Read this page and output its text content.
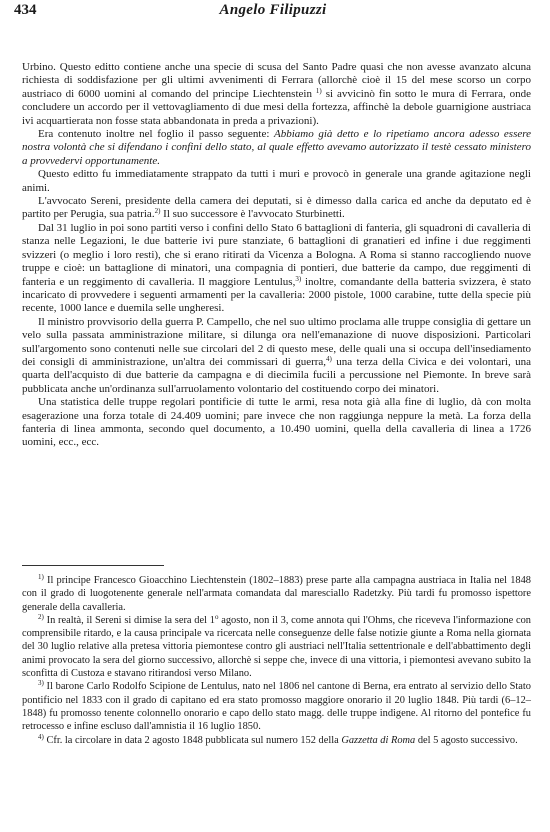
434	Angelo Filipuzzi

Urbino. Questo editto contiene anche una specie di scusa del Santo Padre quasi che non avesse avanzato alcuna richiesta di soddisfazione per gli ultimi avvenimenti di Ferrara (allorchè cioè il 15 del mese scorso un corpo austriaco di 6000 uomini al comando del principe Liechtenstein $^{1)}$ si avvicinò fin sotto le mura di Ferrara, onde concludere un accordo per il vettovagliamento di due mesi della fortezza, affinchè la debole guarnigione austriaca ivi acquartierata non fosse stata abbandonata in preda a privazioni).

Era contenuto inoltre nel foglio il passo seguente: Abbiamo già detto e lo ripetiamo ancora adesso essere nostra volontà che si difendano i confini dello stato, al quale effetto avevamo autorizzato il testè cessato ministero a provvedervi opportunamente.

Questo editto fu immediatamente strappato da tutti i muri e provocò in generale una grande agitazione negli animi.

L'avvocato Sereni, presidente della camera dei deputati, si è dimesso dalla carica ed anche da deputato ed è partito per Perugia, sua patria.$^{2)}$ Il suo successore è l'avvocato Sturbinetti.

Dal 31 luglio in poi sono partiti verso i confini dello Stato 6 battaglioni di fanteria, gli squadroni di cavalleria di stanza nelle Legazioni, le due batterie ivi pure stanziate, 6 battaglioni di granatieri ed infine i due reggimenti svizzeri (o meglio i loro resti), che si erano ritirati da Vicenza a Bologna. A Roma si stanno raccogliendo nuove truppe e cioè: un battaglione di minatori, una compagnia di pontieri, due batterie da campo, due reggimenti di fanteria e un reggimento di cavalleria. Il maggiore Lentulus,$^{3)}$ inoltre, comandante della batteria svizzera, è stato incaricato di provvedere i seguenti armamenti per la cavalleria: 2000 pistole, 1000 carabine, tutte della specie più recente, 1000 lance e duemila selle ungheresi.

Il ministro provvisorio della guerra P. Campello, che nel suo ultimo proclama alle truppe consiglia di gettare un velo sulla passata amministrazione militare, si dilunga ora nell'emanazione di nuove disposizioni. Particolari sull'argomento sono contenuti nelle sue circolari del 2 di questo mese, delle quali una si occupa dell'insediamento dei consigli di amministrazione, un'altra dei commissari di guerra,$^{4)}$ una terza della Civica e dei volontari, una quarta dell'acquisto di due batterie da campagna e di diecimila fucili a percussione nel Piemonte. In breve sarà pubblicata anche un'ordinanza sull'arruolamento volontario del costituendo corpo dei minatori.

Una statistica delle truppe regolari pontificie di tutte le armi, resa nota già alla fine di luglio, dà con molta esagerazione una forza totale di 24.409 uomini; pare invece che non raggiunga neppure la metà. La forza della fanteria di linea ammonta, secondo quel documento, a 10.490 uomini, quella della cavalleria di linea a 1726 uomini, ecc., ecc.

$^{1)}$ Il principe Francesco Gioacchino Liechtenstein (1802–1883) prese parte alla campagna austriaca in Italia nel 1848 con il grado di luogotenente generale nell'armata comandata dal maresciallo Radetzky. Più tardi fu promosso ispettore generale della cavalleria.

$^{2)}$ In realtà, il Sereni si dimise la sera del 1$^o$ agosto, non il 3, come annota qui l'Ohms, che riceveva l'informazione con comprensibile ritardo, e la causa principale va ricercata nelle conseguenze delle false notizie giunte a Roma nella giornata del 30 luglio relative alla pretesa vittoria piemontese contro gli austriaci nell'Italia settentrionale e dell'abbattimento degli animi provocato la sera del giorno successivo, allorchè si seppe che, invece di una vittoria, i piemontesi avevano subito la sconfitta di Custoza e stavano ritirandosi verso Milano.

$^{3)}$ Il barone Carlo Rodolfo Scipione de Lentulus, nato nel 1806 nel cantone di Berna, era entrato al servizio dello Stato pontificio nel 1833 con il grado di capitano ed era stato promosso maggiore onorario il 20 luglio 1848. Più tardi (6–12–1848) fu promosso tenente colonnello onorario e capo dello stato magg. delle truppe indigene. Al ritorno del pontefice fu retrocesso e infine escluso dall'amnistia il 16 luglio 1850.

$^{4)}$ Cfr. la circolare in data 2 agosto 1848 pubblicata sul numero 152 della Gazzetta di Roma del 5 agosto successivo.
